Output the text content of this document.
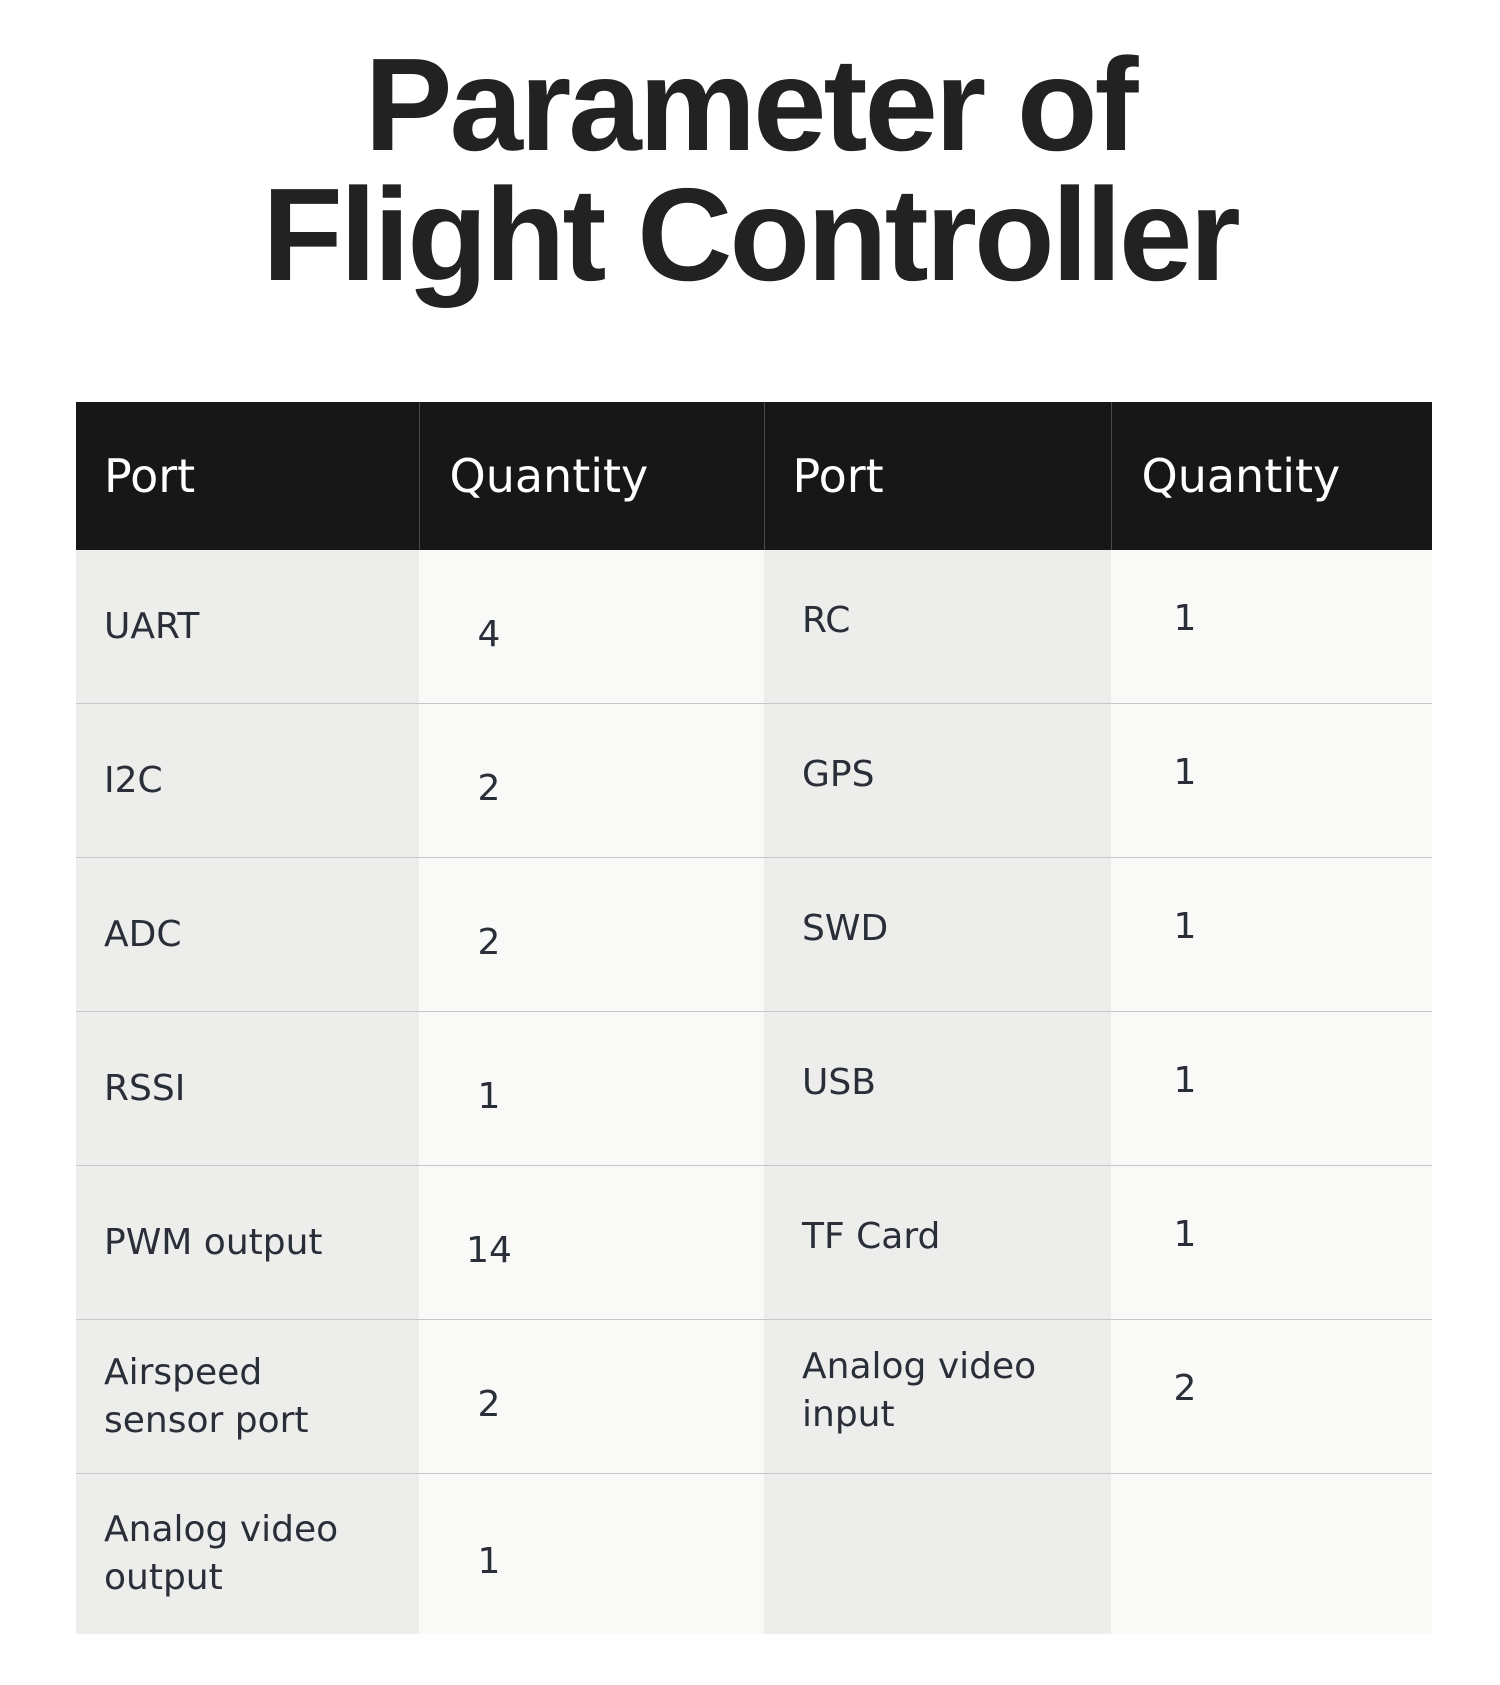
Parameter of
Flight Controller
Port	Quantity	Port	Quantity
UART	4	RC	1
I2C	2	GPS	1
ADC	2	SWD	1
RSSI	1	USB	1
PWM output	14	TF Card	1
Airspeed sensor port	2	Analog video input	2
Analog video output	1		
